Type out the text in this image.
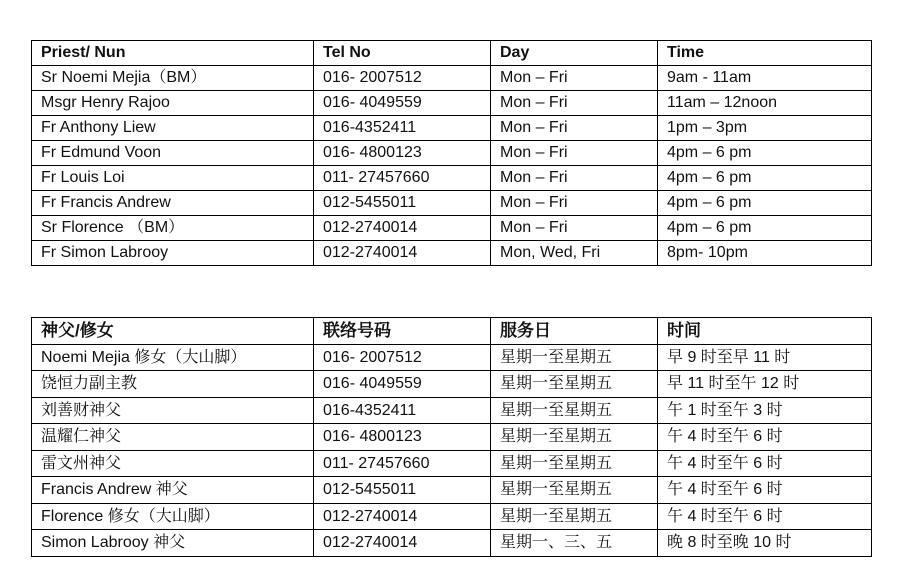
Priest/ Nun	Tel No	Day	Time
Sr Noemi Mejia（BM）	016- 2007512	Mon – Fri	9am - 11am
Msgr Henry Rajoo	016- 4049559	Mon – Fri	11am – 12noon
Fr Anthony Liew	016-4352411	Mon – Fri	1pm – 3pm
Fr Edmund Voon	016- 4800123	Mon – Fri	4pm – 6 pm
Fr Louis Loi	011- 27457660	Mon – Fri	4pm – 6 pm
Fr Francis Andrew	012-5455011	Mon – Fri	4pm – 6 pm
Sr Florence （BM）	012-2740014	Mon – Fri	4pm – 6 pm
Fr Simon Labrooy	012-2740014	Mon, Wed, Fri	8pm- 10pm
神父/修女	联络号码	服务日	时间
Noemi Mejia 修女（大山脚）	016- 2007512	星期一至星期五	早 9 时至早 11 时
饶恒力副主教	016- 4049559	星期一至星期五	早 11 时至午 12 时
刘善财神父	016-4352411	星期一至星期五	午 1 时至午 3 时
温耀仁神父	016- 4800123	星期一至星期五	午 4 时至午 6 时
雷文州神父	011- 27457660	星期一至星期五	午 4 时至午 6 时
Francis Andrew 神父	012-5455011	星期一至星期五	午 4 时至午 6 时
Florence 修女（大山脚）	012-2740014	星期一至星期五	午 4 时至午 6 时
Simon Labrooy 神父	012-2740014	星期一、三、五	晚 8 时至晚 10 时
